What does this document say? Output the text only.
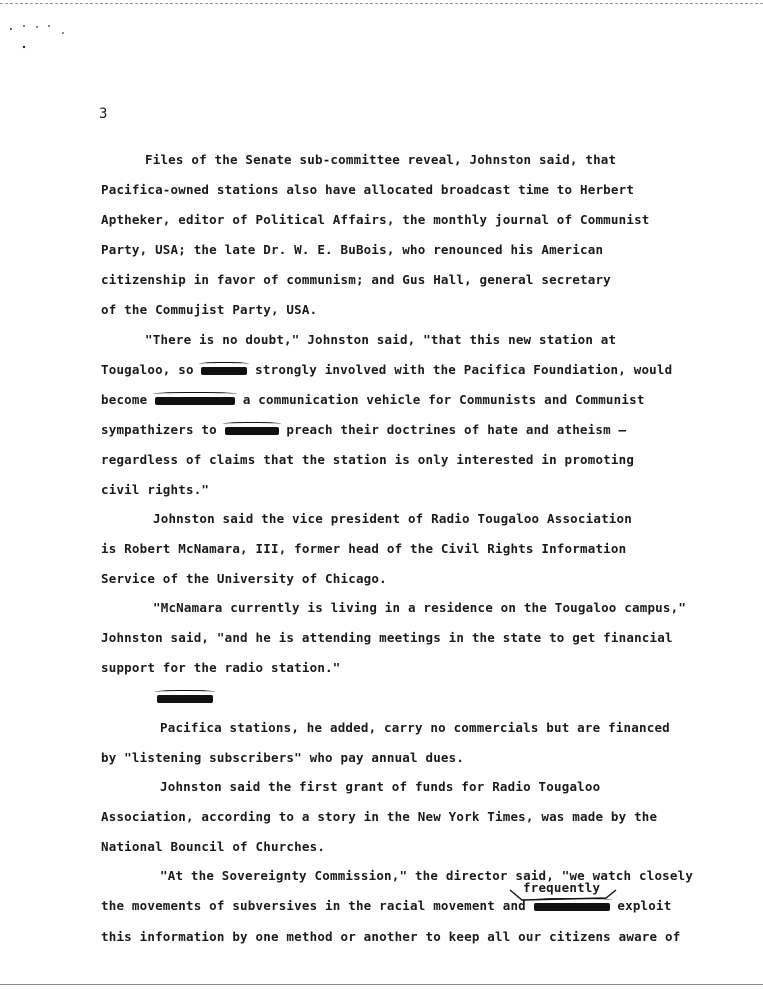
3
Files of the Senate sub-committee reveal, Johnston said, that
Pacifica-owned stations also have allocated broadcast time to Herbert
Aptheker, editor of Political Affairs, the monthly journal of Communist
Party, USA; the late Dr. W. E. BuBois, who renounced his American
citizenship in favor of communism; and Gus Hall, general secretary
of the Commujist Party, USA.
"There is no doubt," Johnston said, "that this new station at
Tougaloo, so	strongly involved with the Pacifica Foundiation, would
become	a communication vehicle for Communists and Communist
sympathizers to	preach their doctrines of hate and atheism —
regardless of claims that the station is only interested in promoting
civil rights."
Johnston said the vice president of Radio Tougaloo Association
is Robert McNamara, III, former head of the Civil Rights Information
Service of the University of Chicago.
"McNamara currently is living in a residence on the Tougaloo campus,"
Johnston said, "and he is attending meetings in the state to get financial
support for the radio station."
Pacifica stations, he added, carry no commercials but are financed
by "listening subscribers" who pay annual dues.
Johnston said the first grant of funds for Radio Tougaloo
Association, according to a story in the New York Times, was made by the
National Bouncil of Churches.
"At the Sovereignty Commission," the director said, "we watch closely
frequently
the movements of subversives in the racial movement and	exploit
this information by one method or another to keep all our citizens aware of
